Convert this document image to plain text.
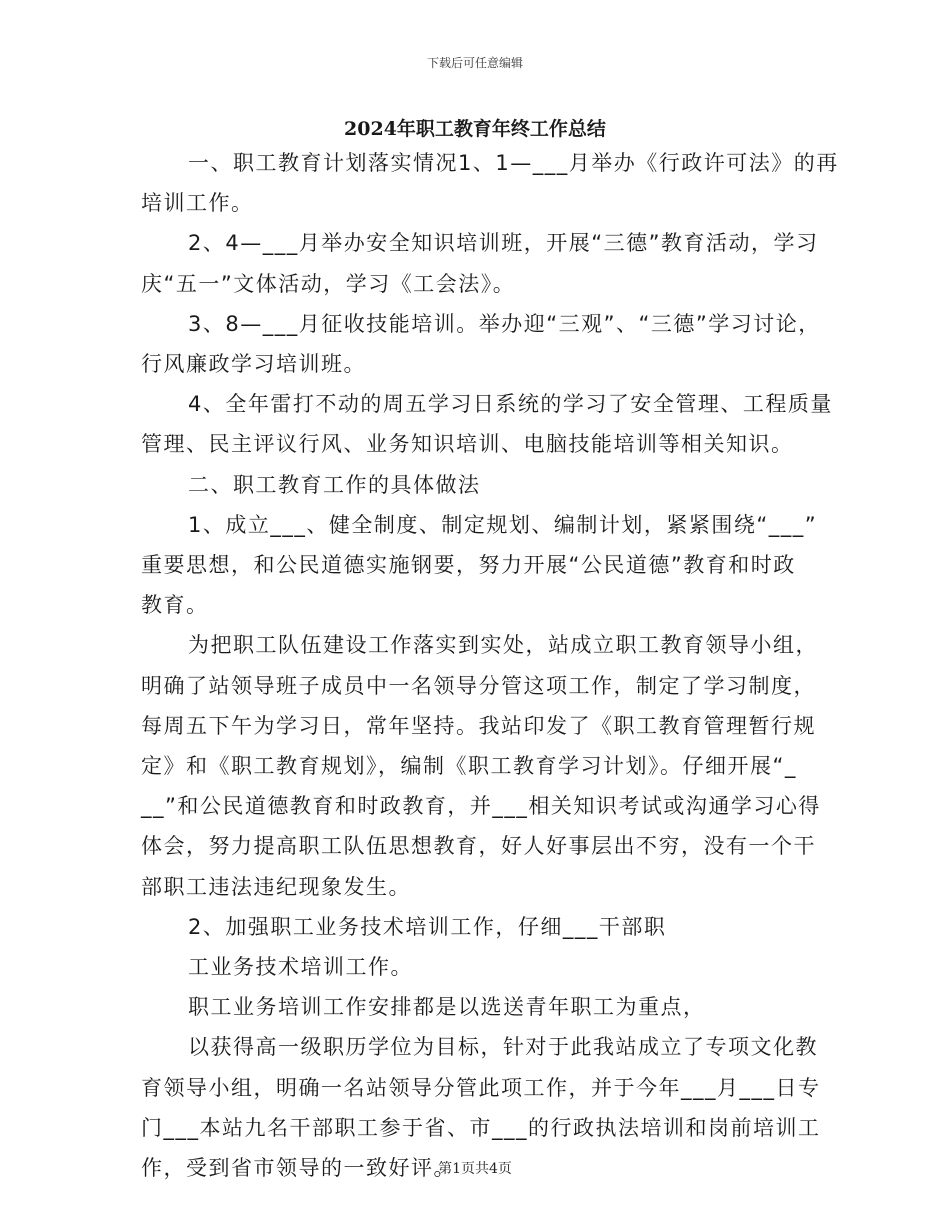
下载后可任意编辑
2024年职工教育年终工作总结
一、职工教育计划落实情况1、1—___月举办《行政许可法》的再
培训工作。
2、4—___月举办安全知识培训班，开展“三德”教育活动，学习
庆“五一”文体活动，学习《工会法》。
3、8—___月征收技能培训。举办迎“三观”、“三德”学习讨论，
行风廉政学习培训班。
4、全年雷打不动的周五学习日系统的学习了安全管理、工程质量
管理、民主评议行风、业务知识培训、电脑技能培训等相关知识。
二、职工教育工作的具体做法
1、成立___、健全制度、制定规划、编制计划，紧紧围绕“___”
重要思想，和公民道德实施钢要，努力开展“公民道德”教育和时政
教育。
为把职工队伍建设工作落实到实处，站成立职工教育领导小组，
明确了站领导班子成员中一名领导分管这项工作，制定了学习制度，
每周五下午为学习日，常年坚持。我站印发了《职工教育管理暂行规
定》和《职工教育规划》，编制《职工教育学习计划》。仔细开展“_
__”和公民道德教育和时政教育，并___相关知识考试或沟通学习心得
体会，努力提高职工队伍思想教育，好人好事层出不穷，没有一个干
部职工违法违纪现象发生。
2、加强职工业务技术培训工作，仔细___干部职
工业务技术培训工作。
职工业务培训工作安排都是以选送青年职工为重点，
以获得高一级职历学位为目标，针对于此我站成立了专项文化教
育领导小组，明确一名站领导分管此项工作，并于今年___月___日专
门___本站九名干部职工参于省、市___的行政执法培训和岗前培训工
作，受到省市领导的一致好评。
第1页共4页
